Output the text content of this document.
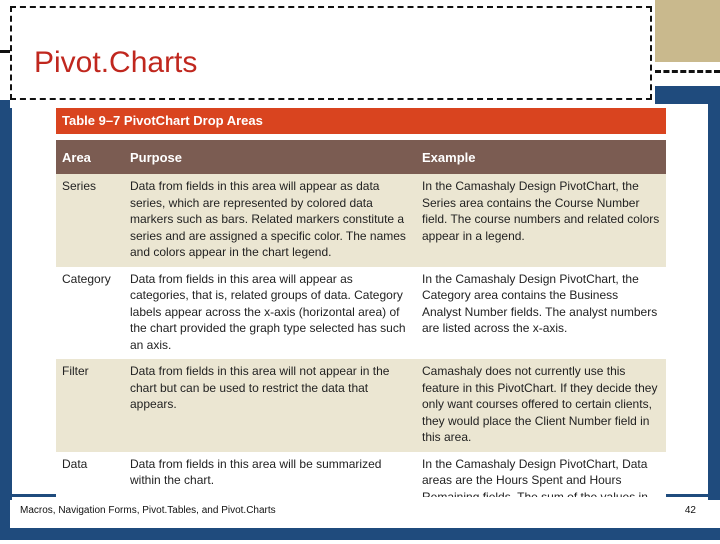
Pivot.Charts
Table 9–7 PivotChart Drop Areas
Area	Purpose	Example
Series	Data from fields in this area will appear as data series, which are represented by colored data markers such as bars. Related markers constitute a series and are assigned a specific color. The names and colors appear in the chart legend.	In the Camashaly Design PivotChart, the Series area contains the Course Number field. The course numbers and related colors appear in a legend.
Category	Data from fields in this area will appear as categories, that is, related groups of data. Category labels appear across the x-axis (horizontal area) of the chart provided the graph type selected has such an axis.	In the Camashaly Design PivotChart, the Category area contains the Business Analyst Number fields. The analyst numbers are listed across the x-axis.
Filter	Data from fields in this area will not appear in the chart but can be used to restrict the data that appears.	Camashaly does not currently use this feature in this PivotChart. If they decide they only want courses offered to certain clients, they would place the Client Number field in this area.
Data	Data from fields in this area will be summarized within the chart.	In the Camashaly Design PivotChart, Data areas are the Hours Spent and Hours
Macros, Navigation Forms, Pivot.Tables, and Pivot.Charts	42
